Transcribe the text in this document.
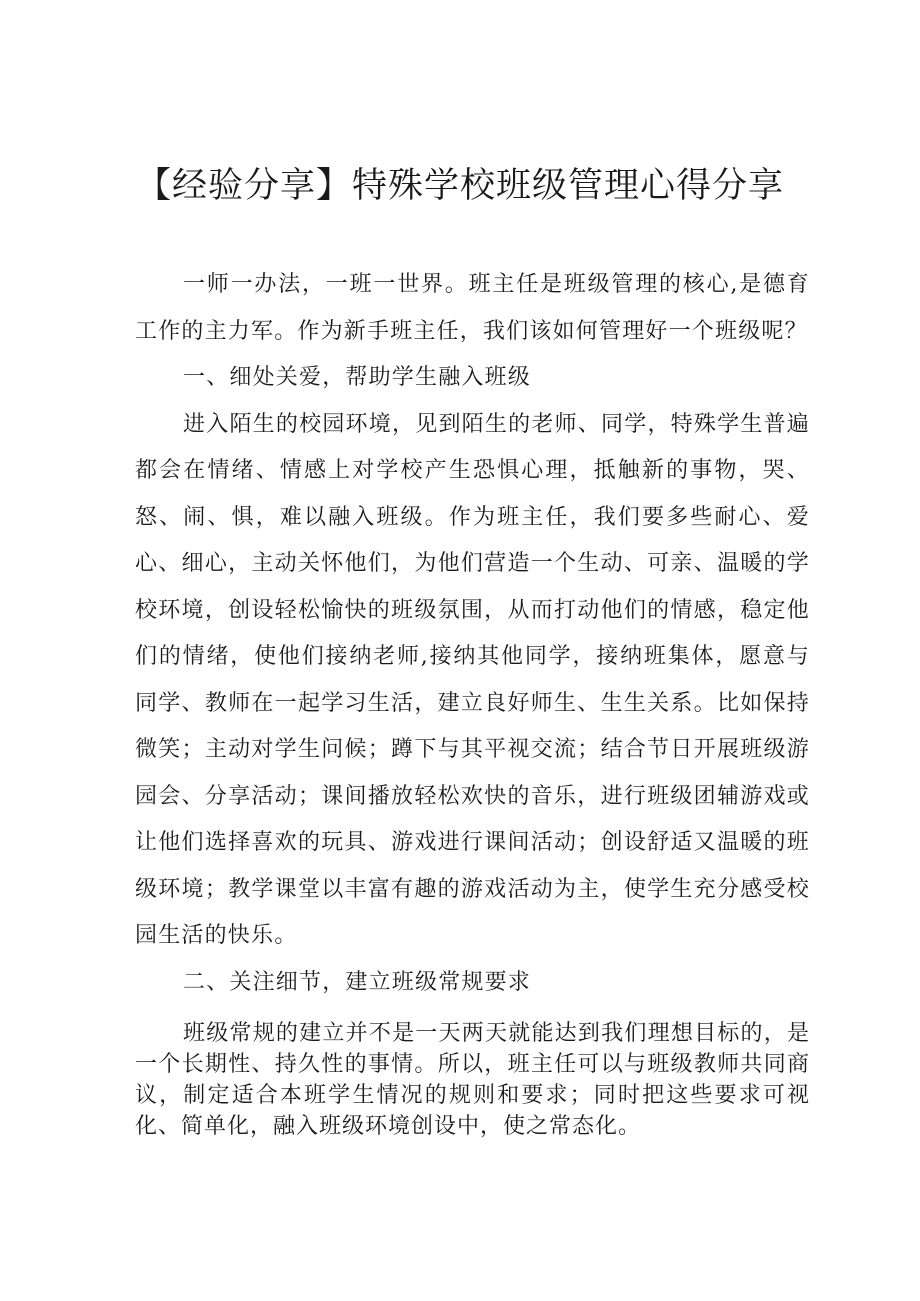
【经验分享】特殊学校班级管理心得分享

一师一办法，一班一世界。班主任是班级管理的核心,是德育工作的主力军。作为新手班主任，我们该如何管理好一个班级呢？

一、细处关爱，帮助学生融入班级

进入陌生的校园环境，见到陌生的老师、同学，特殊学生普遍都会在情绪、情感上对学校产生恐惧心理，抵触新的事物，哭、怒、闹、惧，难以融入班级。作为班主任，我们要多些耐心、爱心、细心，主动关怀他们，为他们营造一个生动、可亲、温暖的学校环境，创设轻松愉快的班级氛围，从而打动他们的情感，稳定他们的情绪，使他们接纳老师,接纳其他同学，接纳班集体，愿意与同学、教师在一起学习生活，建立良好师生、生生关系。比如保持微笑；主动对学生问候；蹲下与其平视交流；结合节日开展班级游园会、分享活动；课间播放轻松欢快的音乐，进行班级团辅游戏或让他们选择喜欢的玩具、游戏进行课间活动；创设舒适又温暖的班级环境；教学课堂以丰富有趣的游戏活动为主，使学生充分感受校园生活的快乐。

二、关注细节，建立班级常规要求

班级常规的建立并不是一天两天就能达到我们理想目标的，是一个长期性、持久性的事情。所以，班主任可以与班级教师共同商议，制定适合本班学生情况的规则和要求；同时把这些要求可视化、简单化，融入班级环境创设中，使之常态化。
